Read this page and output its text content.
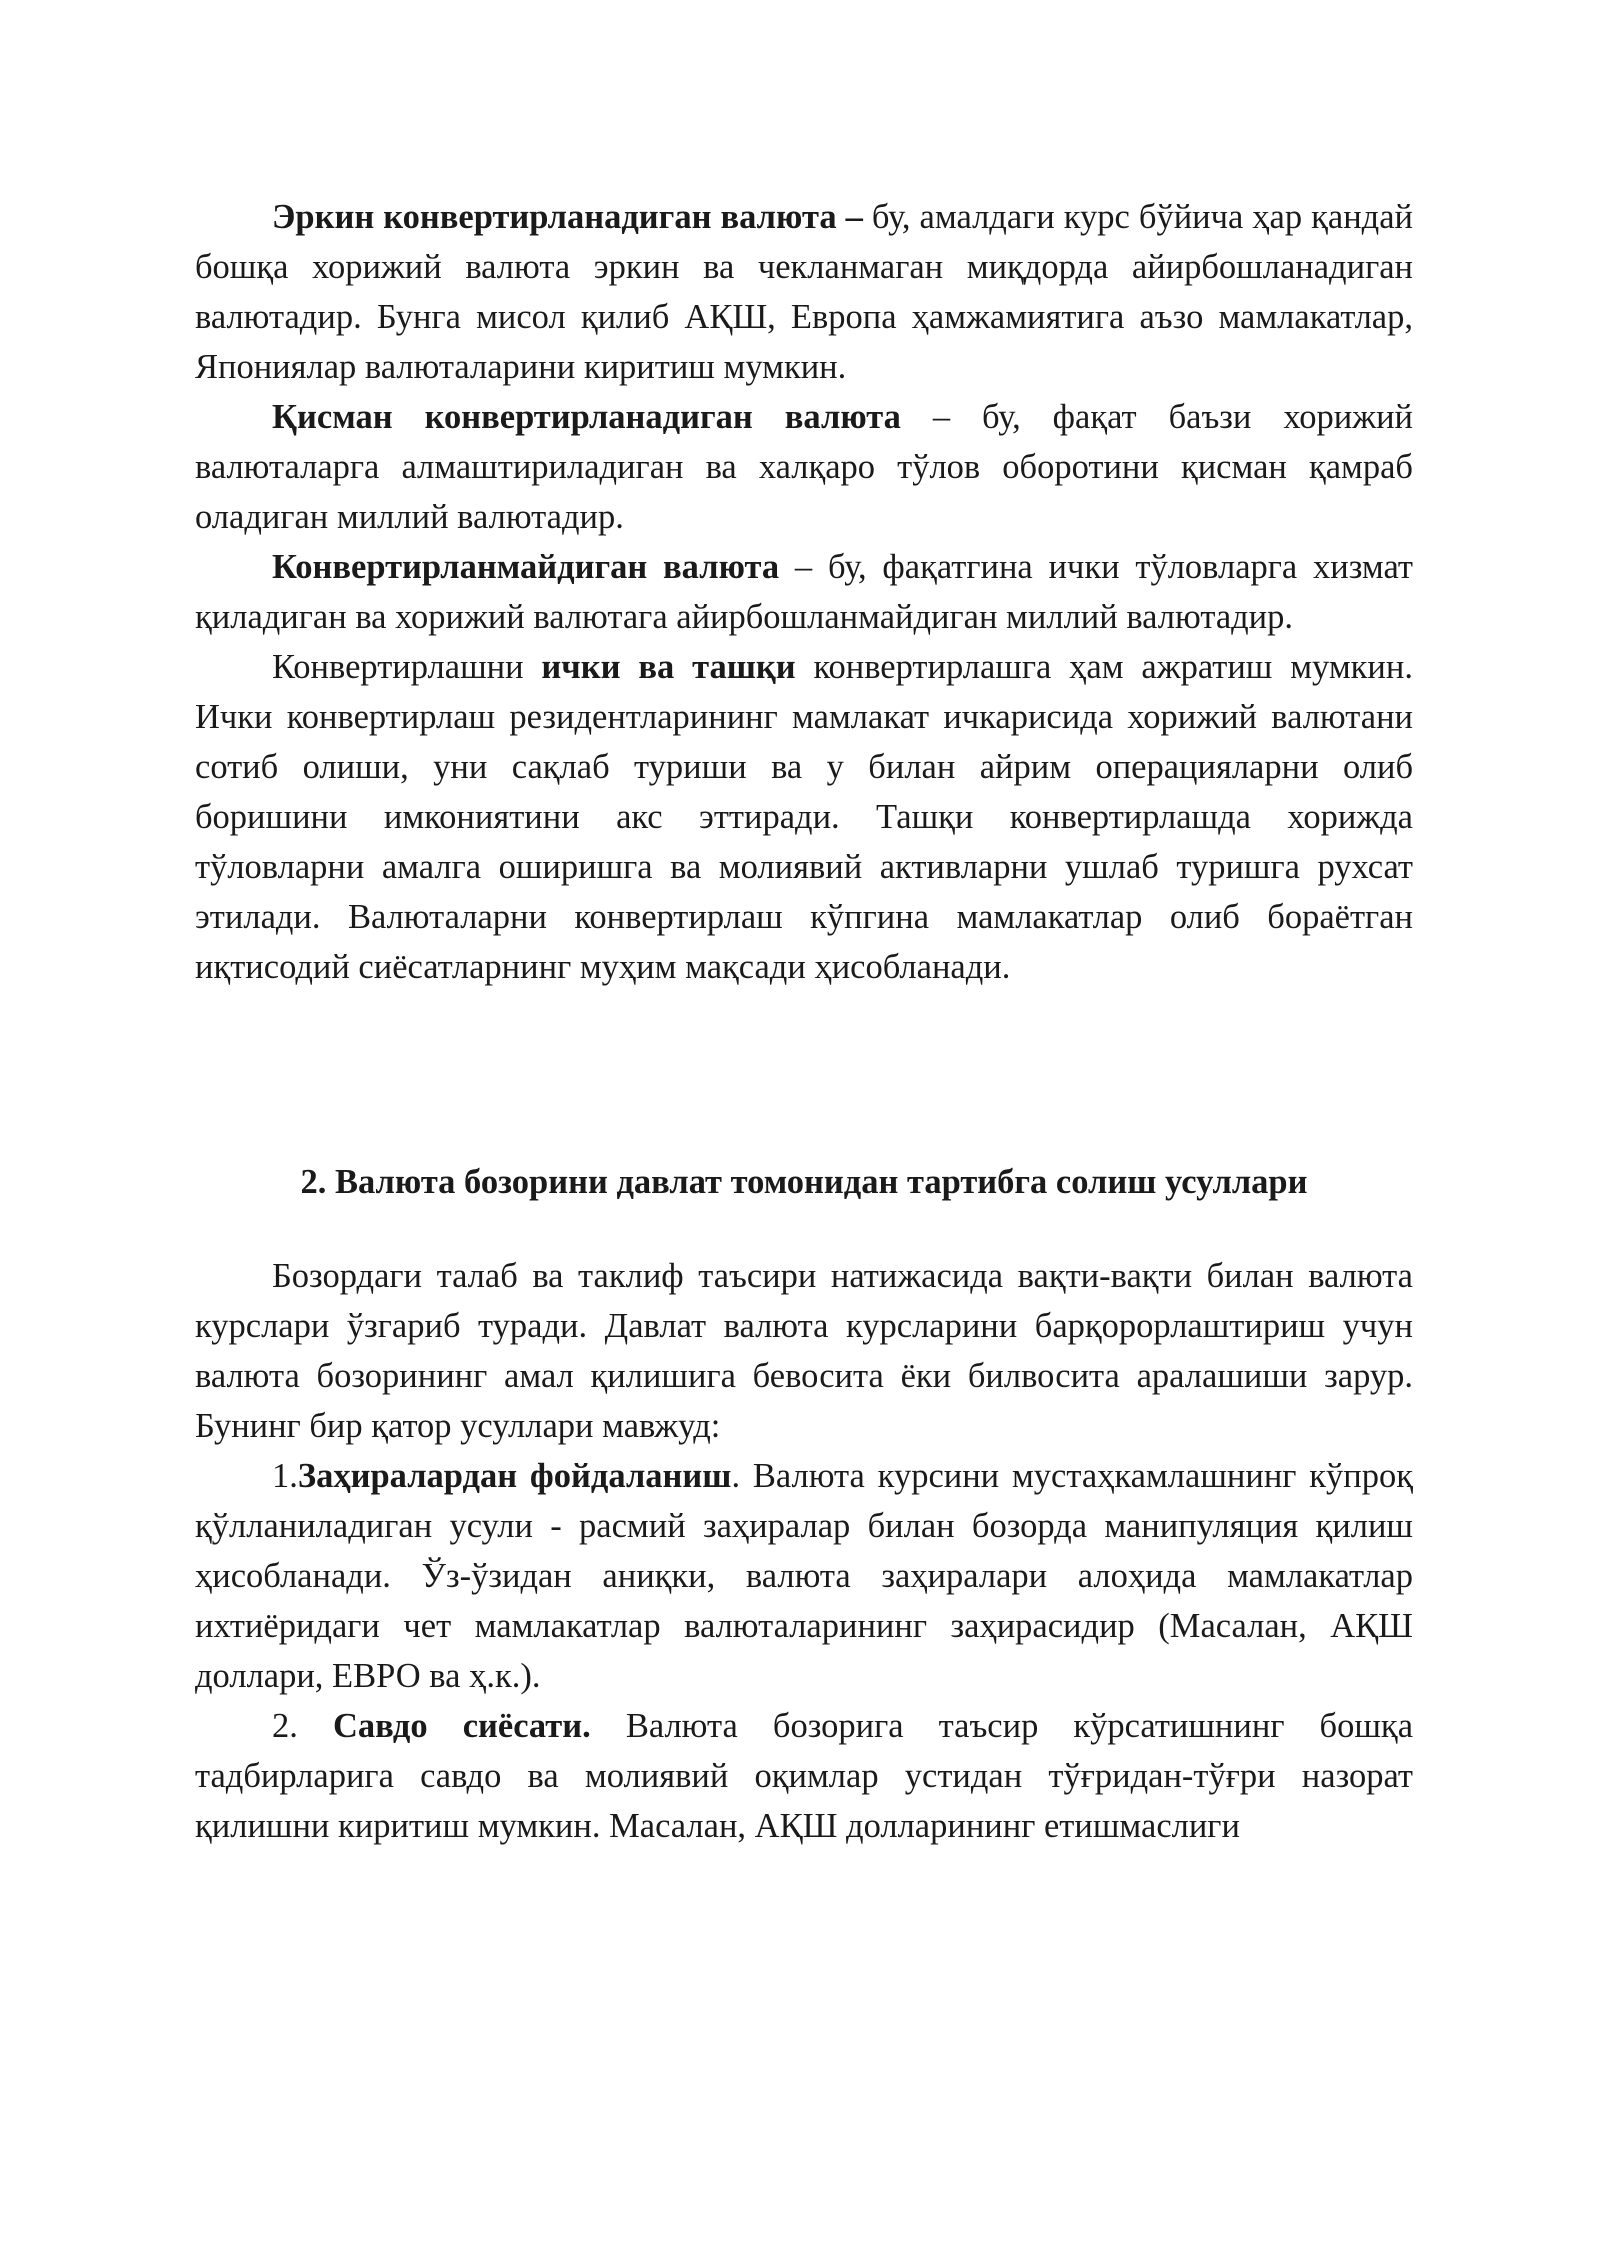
Эркин конвертирланадиган валюта – бу, амалдаги курс бўйича ҳар қандай бошқа хорижий валюта эркин ва чекланмаган миқдорда айирбошланадиган валютадир. Бунга мисол қилиб АҚШ, Европа ҳамжамиятига аъзо мамлакатлар, Япониялар валюталарини киритиш мумкин.

Қисман конвертирланадиган валюта – бу, фақат баъзи хорижий валюталарга алмаштириладиган ва халқаро тўлов оборотини қисман қамраб оладиган миллий валютадир.

Конвертирланмайдиган валюта – бу, фақатгина ички тўловларга хизмат қиладиган ва хорижий валютага айирбошланмайдиган миллий валютадир.

Конвертирлашни ички ва ташқи конвертирлашга ҳам ажратиш мумкин. Ички конвертирлаш резидентларининг мамлакат ичкарисида хорижий валютани сотиб олиши, уни сақлаб туриши ва у билан айрим операцияларни олиб боришини имкониятини акс эттиради. Ташқи конвертирлашда хорижда тўловларни амалга оширишга ва молиявий активларни ушлаб туришга рухсат этилади. Валюталарни конвертирлаш кўпгина мамлакатлар олиб бораётган иқтисодий сиёсатларнинг муҳим мақсади ҳисобланади.

2. Валюта бозорини давлат томонидан тартибга солиш усуллари

Бозордаги талаб ва таклиф таъсири натижасида вақти-вақти билан валюта курслари ўзгариб туради. Давлат валюта курсларини барқорорлаштириш учун валюта бозорининг амал қилишига бевосита ёки билвосита аралашиши зарур. Бунинг бир қатор усуллари мавжуд:

1.Заҳиралардан фойдаланиш. Валюта курсини мустаҳкамлашнинг кўпроқ қўлланиладиган усули - расмий заҳиралар билан бозорда манипуляция қилиш ҳисобланади. Ўз-ўзидан аниқки, валюта заҳиралари алоҳида мамлакатлар ихтиёридаги чет мамлакатлар валюталарининг заҳирасидир (Масалан, АҚШ доллари, ЕВРО ва ҳ.к.).

2. Савдо сиёсати. Валюта бозорига таъсир кўрсатишнинг бошқа тадбирларига савдо ва молиявий оқимлар устидан тўғридан-тўғри назорат қилишни киритиш мумкин. Масалан, АҚШ долларининг етишмаслиги
